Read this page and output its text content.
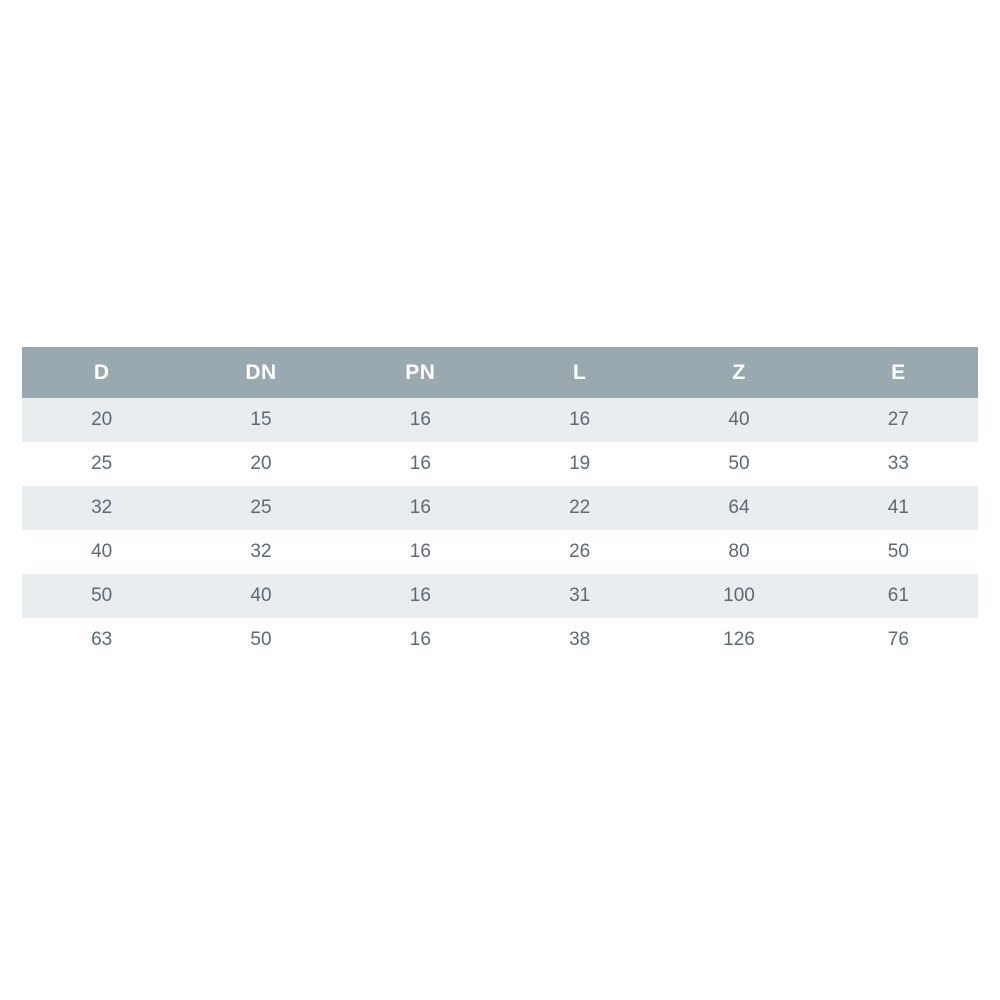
D	DN	PN	L	Z	E
20	15	16	16	40	27
25	20	16	19	50	33
32	25	16	22	64	41
40	32	16	26	80	50
50	40	16	31	100	61
63	50	16	38	126	76
